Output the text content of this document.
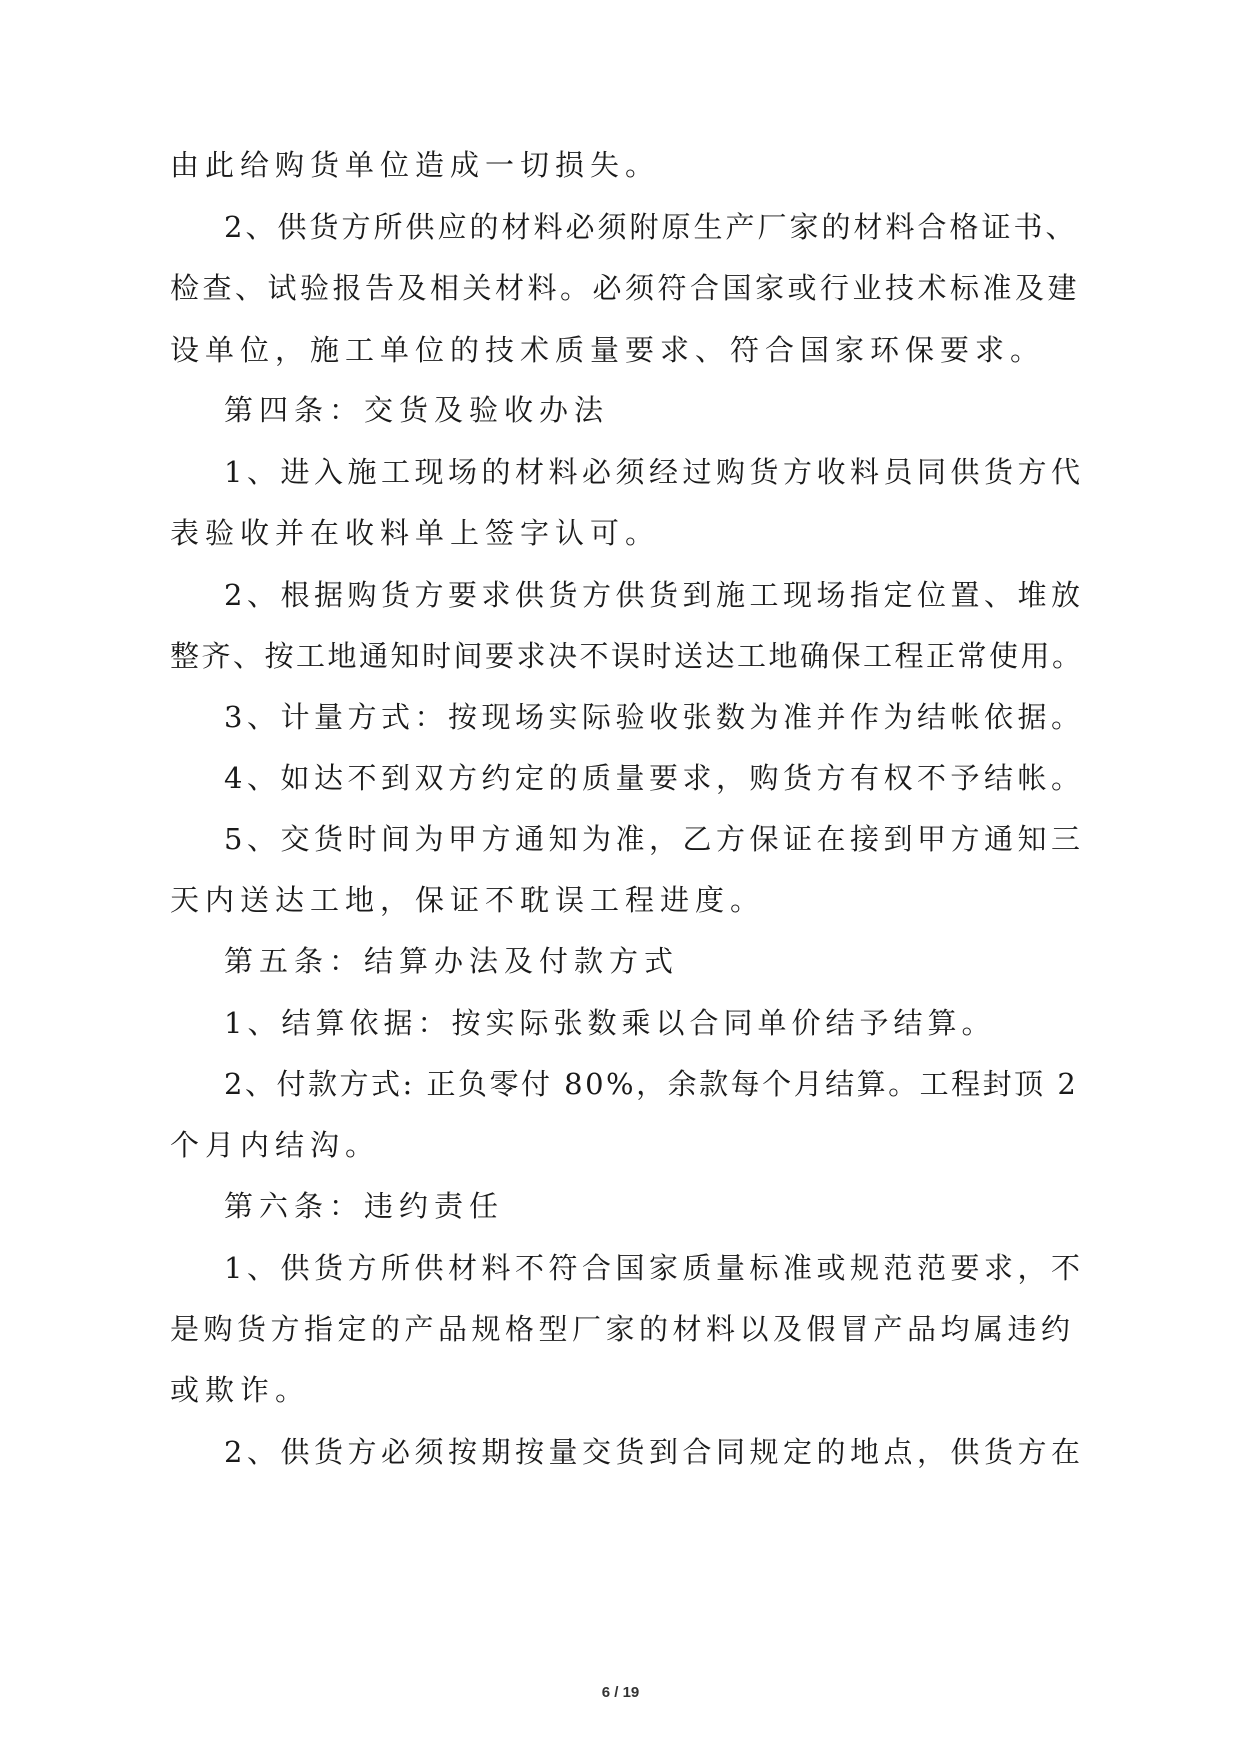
由此给购货单位造成一切损失。
2、供货方所供应的材料必须附原生产厂家的材料合格证书、
检查、试验报告及相关材料。必须符合国家或行业技术标准及建
设单位，施工单位的技术质量要求、符合国家环保要求。
第四条：交货及验收办法
1、进入施工现场的材料必须经过购货方收料员同供货方代
表验收并在收料单上签字认可。
2、根据购货方要求供货方供货到施工现场指定位置、堆放
整齐、按工地通知时间要求决不误时送达工地确保工程正常使用。
3、计量方式：按现场实际验收张数为准并作为结帐依据。
4、如达不到双方约定的质量要求，购货方有权不予结帐。
5、交货时间为甲方通知为准，乙方保证在接到甲方通知三
天内送达工地，保证不耽误工程进度。
第五条：结算办法及付款方式
1、结算依据：按实际张数乘以合同单价结予结算。
2、付款方式: 正负零付 80%，余款每个月结算。工程封顶 2
个月内结沟。
第六条：违约责任
1、供货方所供材料不符合国家质量标准或规范范要求，不
是购货方指定的产品规格型厂家的材料以及假冒产品均属违约
或欺诈。
2、供货方必须按期按量交货到合同规定的地点，供货方在
6 / 19
